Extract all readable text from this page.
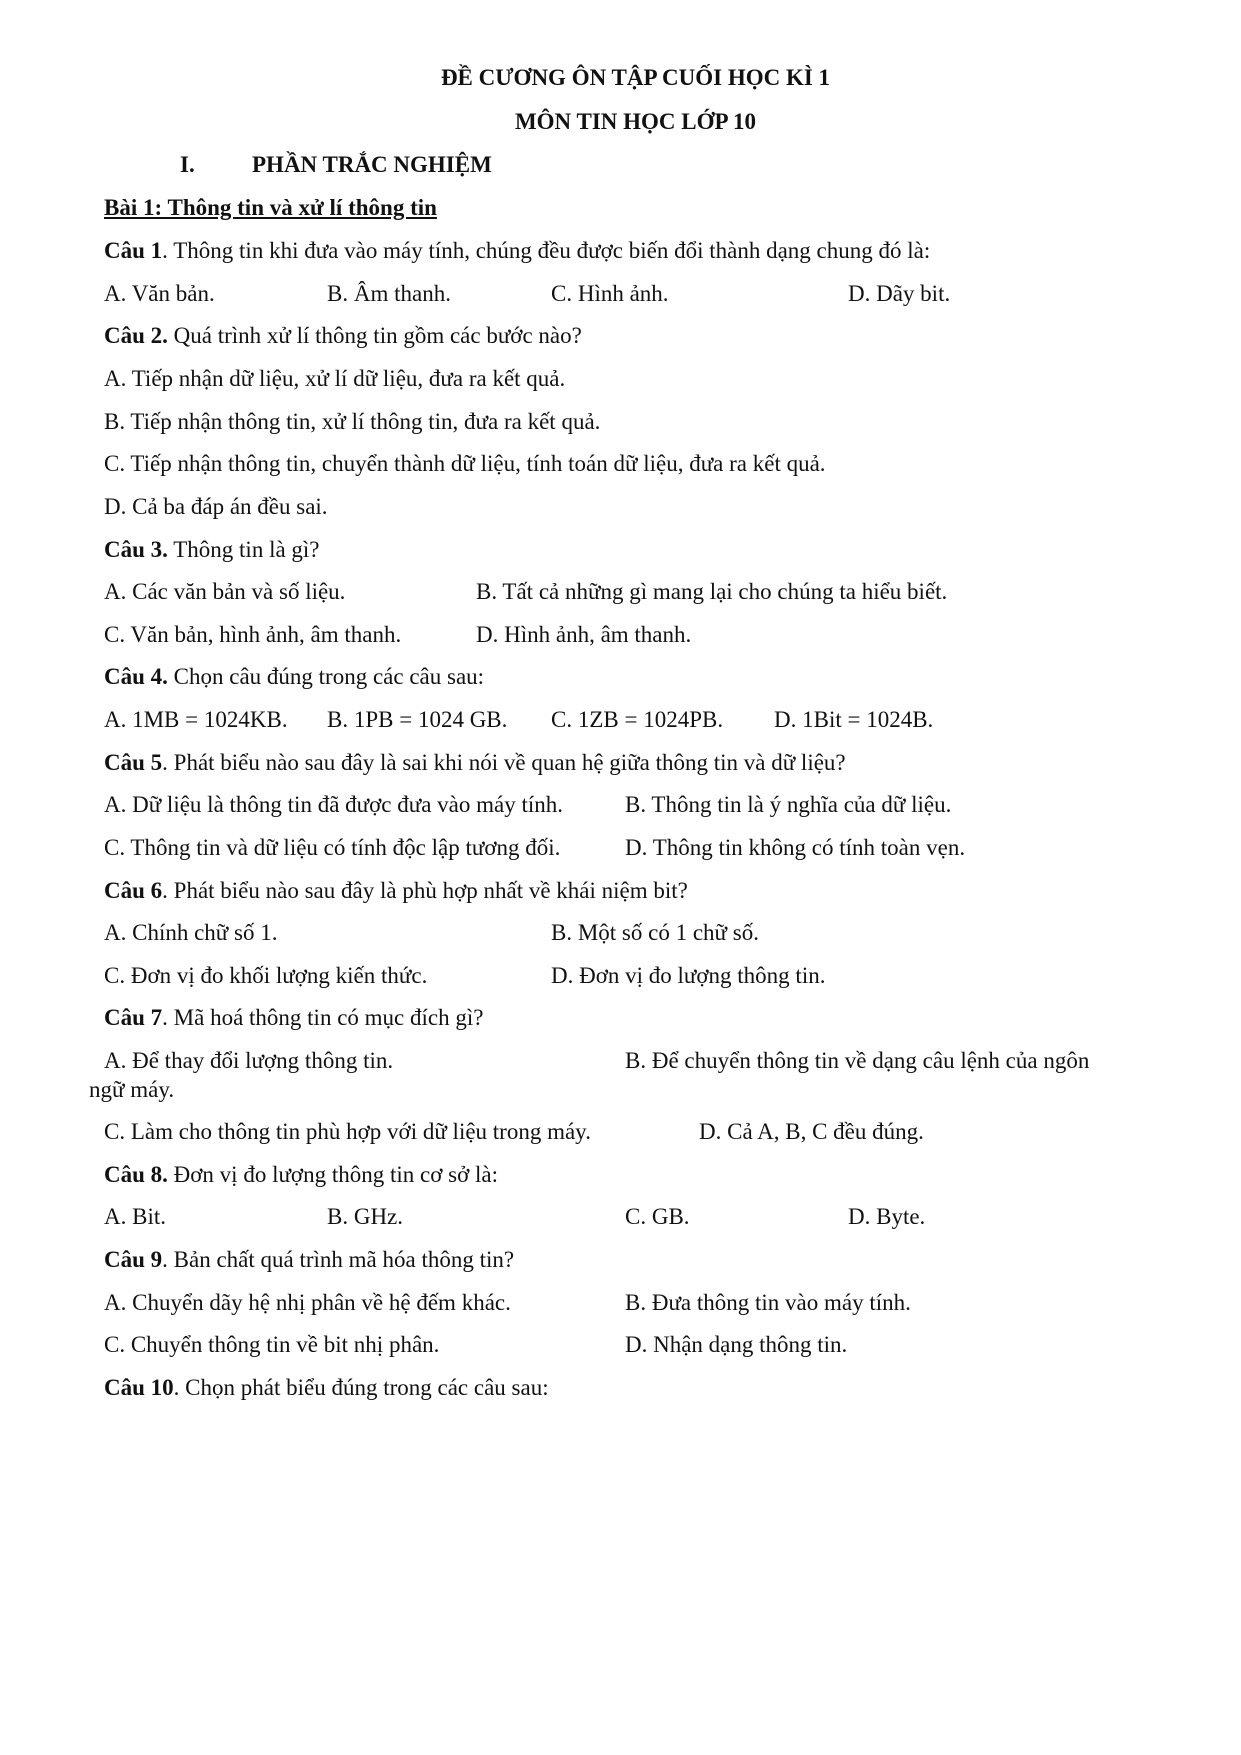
ĐỀ CƯƠNG ÔN TẬP CUỐI HỌC KÌ 1
MÔN TIN HỌC LỚP 10
I. PHẦN TRẮC NGHIỆM
Bài 1: Thông tin và xử lí thông tin
Câu 1. Thông tin khi đưa vào máy tính, chúng đều được biến đổi thành dạng chung đó là:
A. Văn bản.	B. Âm thanh.	C. Hình ảnh.	D. Dãy bit.
Câu 2. Quá trình xử lí thông tin gồm các bước nào?
A. Tiếp nhận dữ liệu, xử lí dữ liệu, đưa ra kết quả.
B. Tiếp nhận thông tin, xử lí thông tin, đưa ra kết quả.
C. Tiếp nhận thông tin, chuyển thành dữ liệu, tính toán dữ liệu, đưa ra kết quả.
D. Cả ba đáp án đều sai.
Câu 3. Thông tin là gì?
A. Các văn bản và số liệu.	B. Tất cả những gì mang lại cho chúng ta hiểu biết.
C. Văn bản, hình ảnh, âm thanh.	D. Hình ảnh, âm thanh.
Câu 4. Chọn câu đúng trong các câu sau:
A. 1MB = 1024KB. B. 1PB = 1024 GB. C. 1ZB = 1024PB. D. 1Bit = 1024B.
Câu 5. Phát biểu nào sau đây là sai khi nói về quan hệ giữa thông tin và dữ liệu?
A. Dữ liệu là thông tin đã được đưa vào máy tính.	B. Thông tin là ý nghĩa của dữ liệu.
C. Thông tin và dữ liệu có tính độc lập tương đối.	D. Thông tin không có tính toàn vẹn.
Câu 6. Phát biểu nào sau đây là phù hợp nhất về khái niệm bit?
A. Chính chữ số 1.	B. Một số có 1 chữ số.
C. Đơn vị đo khối lượng kiến thức.	D. Đơn vị đo lượng thông tin.
Câu 7. Mã hoá thông tin có mục đích gì?
A. Để thay đổi lượng thông tin.	B. Để chuyển thông tin về dạng câu lệnh của ngôn
ngữ máy.
C. Làm cho thông tin phù hợp với dữ liệu trong máy.	D. Cả A, B, C đều đúng.
Câu 8. Đơn vị đo lượng thông tin cơ sở là:
A. Bit.	B. GHz.	C. GB.	D. Byte.
Câu 9. Bản chất quá trình mã hóa thông tin?
A. Chuyển dãy hệ nhị phân về hệ đếm khác.	B. Đưa thông tin vào máy tính.
C. Chuyển thông tin về bit nhị phân.	D. Nhận dạng thông tin.
Câu 10. Chọn phát biểu đúng trong các câu sau:
